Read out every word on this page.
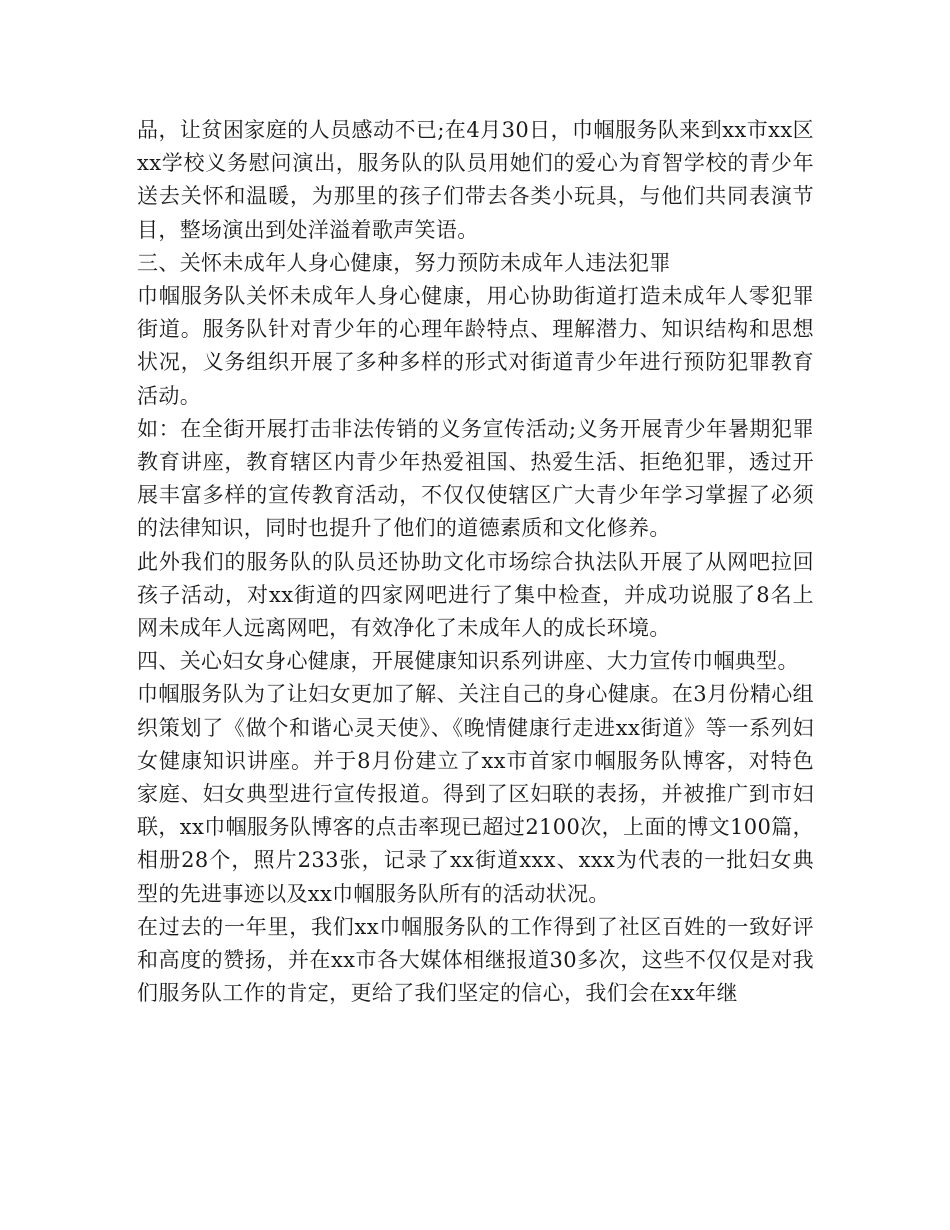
品，让贫困家庭的人员感动不已;在4月30日，巾帼服务队来到xx市xx区xx学校义务慰问演出，服务队的队员用她们的爱心为育智学校的青少年送去关怀和温暖，为那里的孩子们带去各类小玩具，与他们共同表演节目，整场演出到处洋溢着歌声笑语。

三、关怀未成年人身心健康，努力预防未成年人违法犯罪

巾帼服务队关怀未成年人身心健康，用心协助街道打造未成年人零犯罪街道。服务队针对青少年的心理年龄特点、理解潜力、知识结构和思想状况，义务组织开展了多种多样的形式对街道青少年进行预防犯罪教育活动。

如：在全街开展打击非法传销的义务宣传活动;义务开展青少年暑期犯罪教育讲座，教育辖区内青少年热爱祖国、热爱生活、拒绝犯罪，透过开展丰富多样的宣传教育活动，不仅仅使辖区广大青少年学习掌握了必须的法律知识，同时也提升了他们的道德素质和文化修养。

此外我们的服务队的队员还协助文化市场综合执法队开展了从网吧拉回孩子活动，对xx街道的四家网吧进行了集中检查，并成功说服了8名上网未成年人远离网吧，有效净化了未成年人的成长环境。

四、关心妇女身心健康，开展健康知识系列讲座、大力宣传巾帼典型。

巾帼服务队为了让妇女更加了解、关注自己的身心健康。在3月份精心组织策划了《做个和谐心灵天使》、《晚情健康行走进xx街道》等一系列妇女健康知识讲座。并于8月份建立了xx市首家巾帼服务队博客，对特色家庭、妇女典型进行宣传报道。得到了区妇联的表扬，并被推广到市妇联，xx巾帼服务队博客的点击率现已超过2100次，上面的博文100篇，相册28个，照片233张，记录了xx街道xxx、xxx为代表的一批妇女典型的先进事迹以及xx巾帼服务队所有的活动状况。

在过去的一年里，我们xx巾帼服务队的工作得到了社区百姓的一致好评和高度的赞扬，并在xx市各大媒体相继报道30多次，这些不仅仅是对我们服务队工作的肯定，更给了我们坚定的信心，我们会在xx年继
